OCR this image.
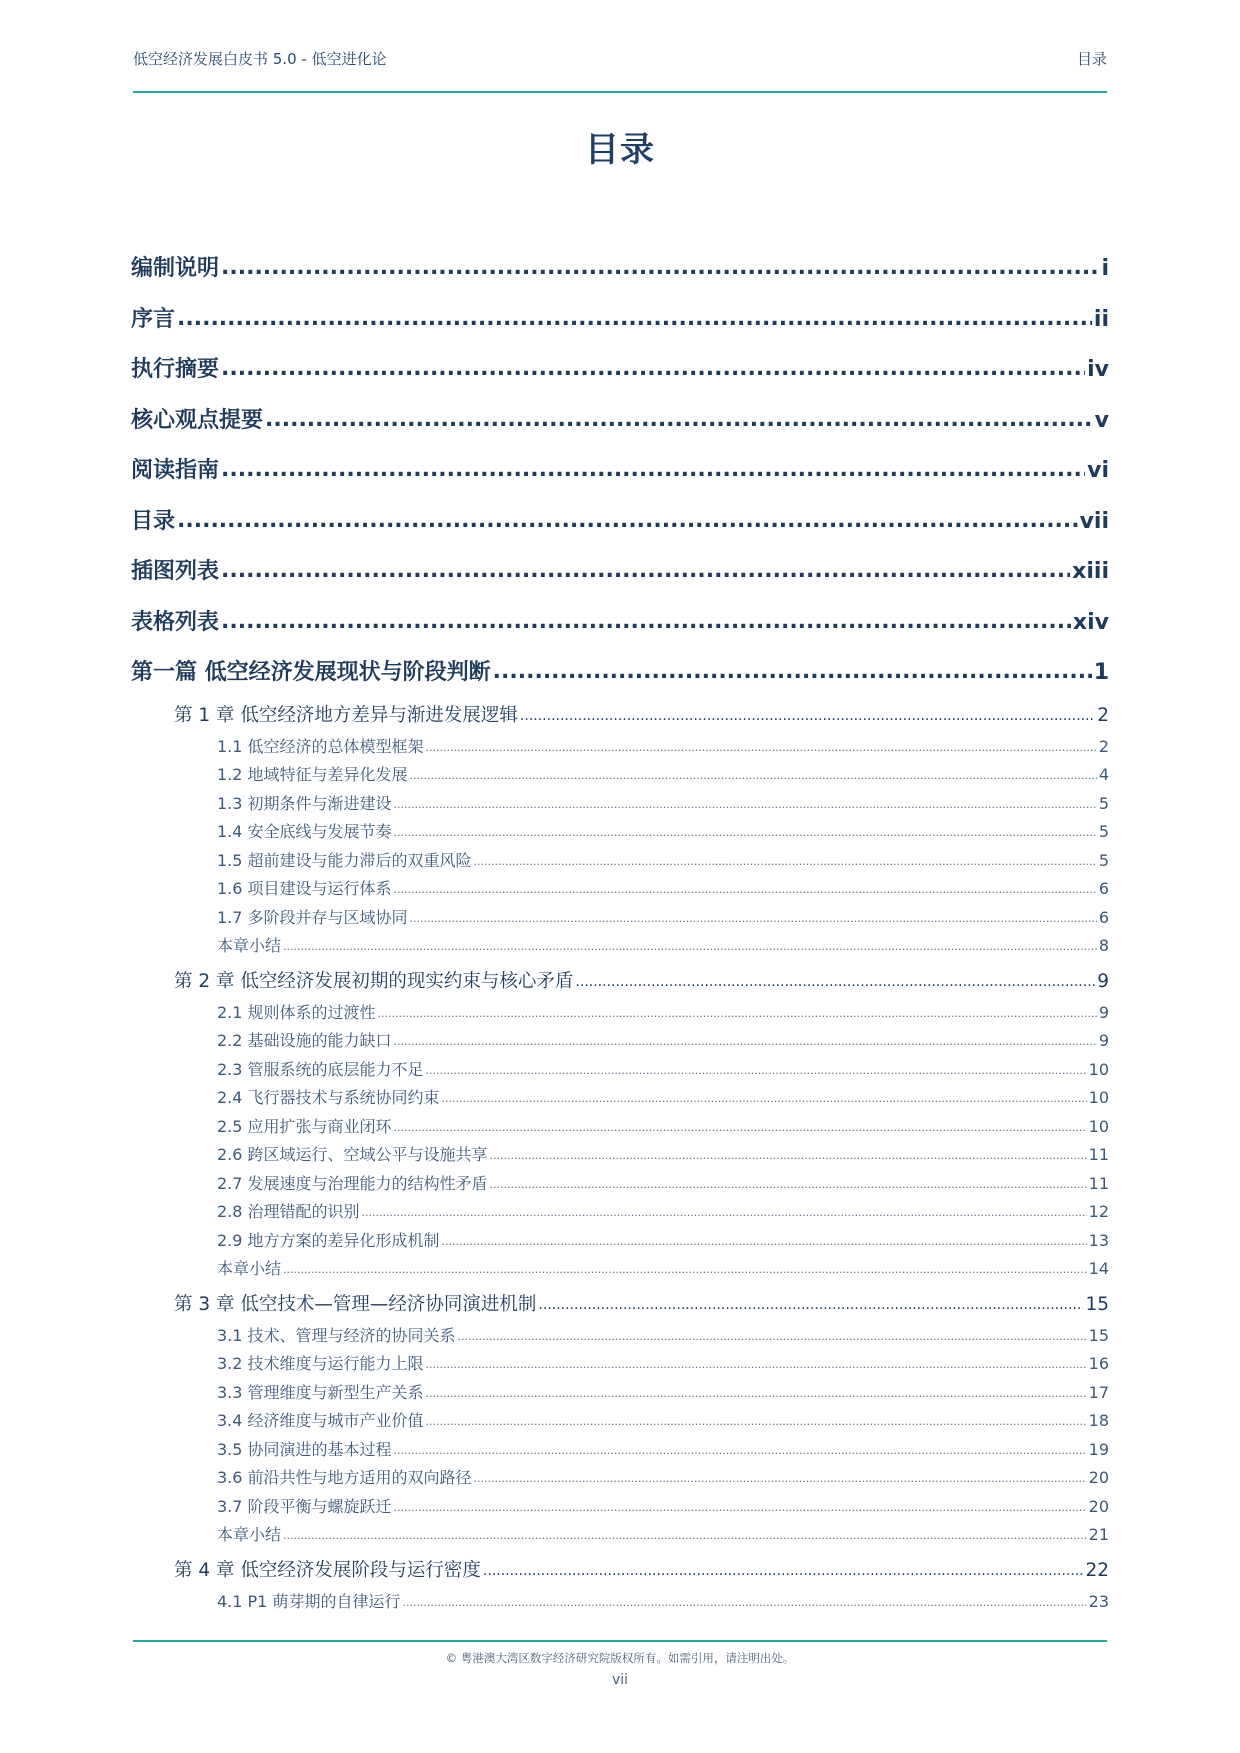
低空经济发展白皮书 5.0 - 低空进化论	目录
目录
编制说明 .....	i
序言 .....	ii
执行摘要 .....	iv
核心观点提要 .....	v
阅读指南 .....	vi
目录 .....	vii
插图列表 .....	xiii
表格列表 .....	xiv
第一篇 低空经济发展现状与阶段判断 .....	1
第 1 章 低空经济地方差异与渐进发展逻辑 .....	2
1.1 低空经济的总体模型框架 .....	2
1.2 地域特征与差异化发展 .....	4
1.3 初期条件与渐进建设 .....	5
1.4 安全底线与发展节奏 .....	5
1.5 超前建设与能力滞后的双重风险 .....	5
1.6 项目建设与运行体系 .....	6
1.7 多阶段并存与区域协同 .....	6
本章小结 .....	8
第 2 章 低空经济发展初期的现实约束与核心矛盾 .....	9
2.1 规则体系的过渡性 .....	9
2.2 基础设施的能力缺口 .....	9
2.3 管服系统的底层能力不足 .....	10
2.4 飞行器技术与系统协同约束 .....	10
2.5 应用扩张与商业闭环 .....	10
2.6 跨区域运行、空域公平与设施共享 .....	11
2.7 发展速度与治理能力的结构性矛盾 .....	11
2.8 治理错配的识别 .....	12
2.9 地方方案的差异化形成机制 .....	13
本章小结 .....	14
第 3 章 低空技术—管理—经济协同演进机制 .....	15
3.1 技术、管理与经济的协同关系 .....	15
3.2 技术维度与运行能力上限 .....	16
3.3 管理维度与新型生产关系 .....	17
3.4 经济维度与城市产业价值 .....	18
3.5 协同演进的基本过程 .....	19
3.6 前沿共性与地方适用的双向路径 .....	20
3.7 阶段平衡与螺旋跃迁 .....	20
本章小结 .....	21
第 4 章 低空经济发展阶段与运行密度 .....	22
4.1 P1 萌芽期的自律运行 .....	23
© 粤港澳大湾区数字经济研究院版权所有。如需引用，请注明出处。
vii
